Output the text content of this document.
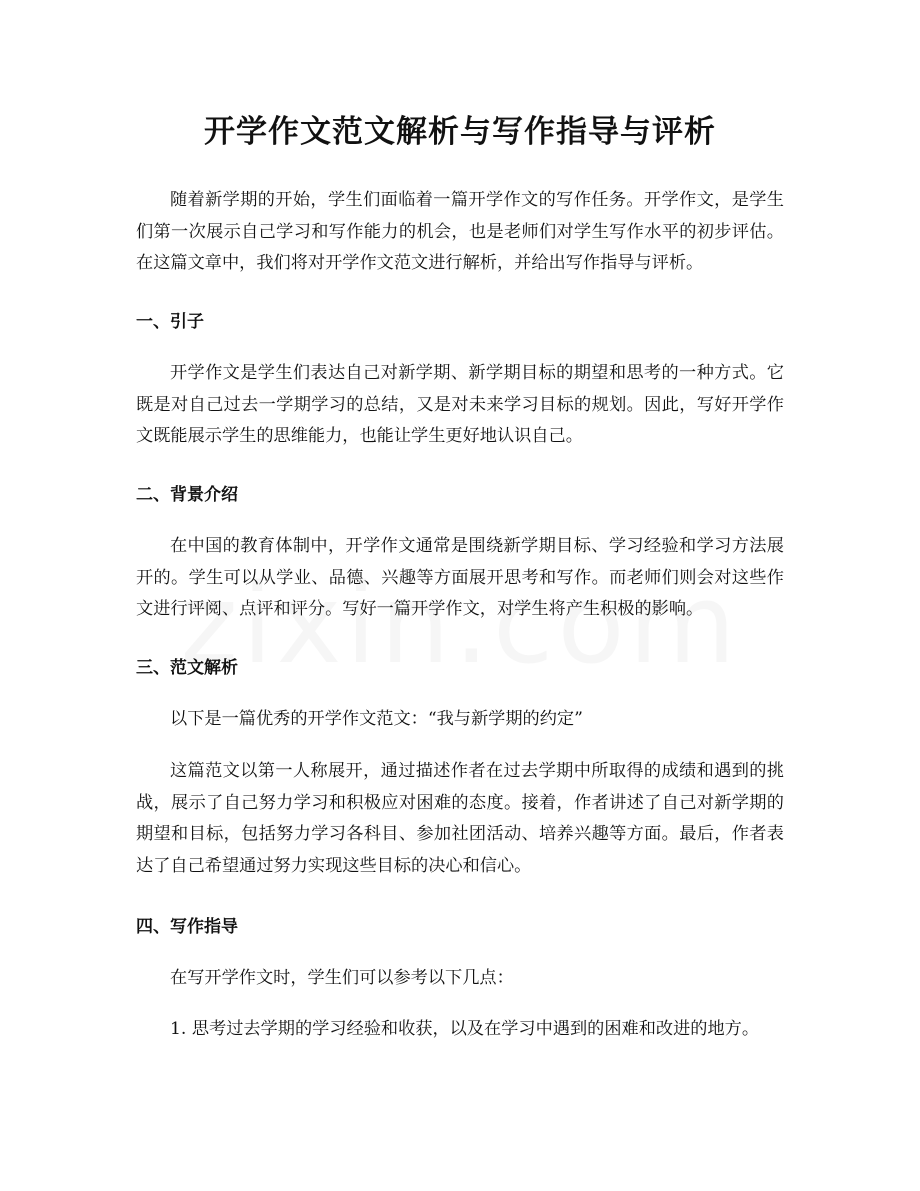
开学作文范文解析与写作指导与评析

随着新学期的开始，学生们面临着一篇开学作文的写作任务。开学作文，是学生们第一次展示自己学习和写作能力的机会，也是老师们对学生写作水平的初步评估。在这篇文章中，我们将对开学作文范文进行解析，并给出写作指导与评析。

一、引子

开学作文是学生们表达自己对新学期、新学期目标的期望和思考的一种方式。它既是对自己过去一学期学习的总结，又是对未来学习目标的规划。因此，写好开学作文既能展示学生的思维能力，也能让学生更好地认识自己。

二、背景介绍

在中国的教育体制中，开学作文通常是围绕新学期目标、学习经验和学习方法展开的。学生可以从学业、品德、兴趣等方面展开思考和写作。而老师们则会对这些作文进行评阅、点评和评分。写好一篇开学作文，对学生将产生积极的影响。

三、范文解析

以下是一篇优秀的开学作文范文：“我与新学期的约定”

这篇范文以第一人称展开，通过描述作者在过去学期中所取得的成绩和遇到的挑战，展示了自己努力学习和积极应对困难的态度。接着，作者讲述了自己对新学期的期望和目标，包括努力学习各科目、参加社团活动、培养兴趣等方面。最后，作者表达了自己希望通过努力实现这些目标的决心和信心。

四、写作指导

在写开学作文时，学生们可以参考以下几点：

1. 思考过去学期的学习经验和收获，以及在学习中遇到的困难和改进的地方。
